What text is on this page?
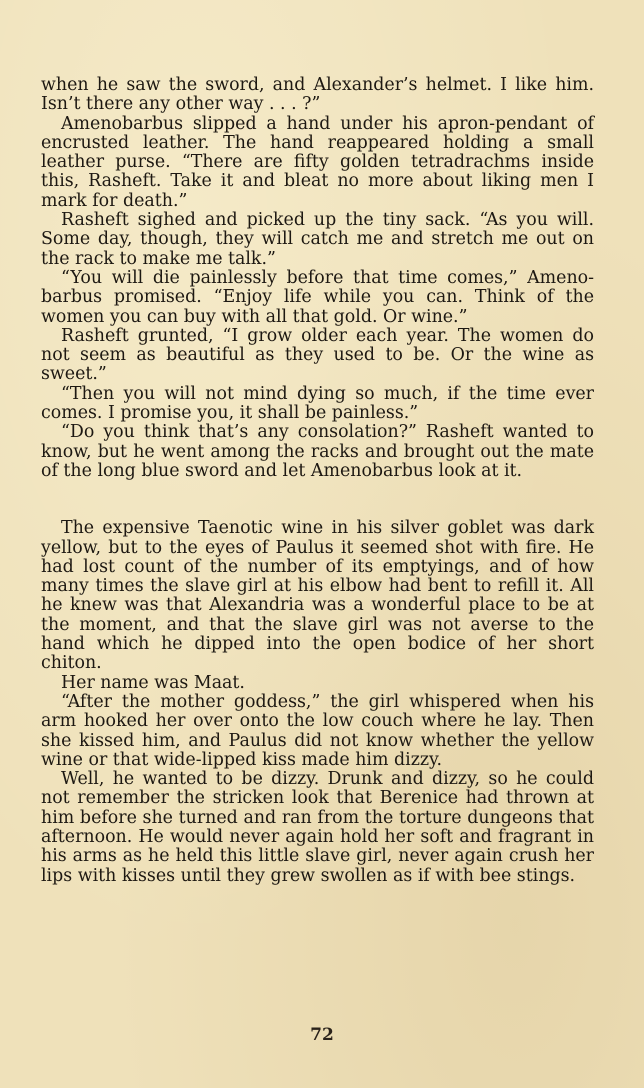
when he saw the sword, and Alexander’s helmet. I like him. Isn’t there any other way . . . ?”

Amenobarbus slipped a hand under his apron-pendant of encrusted leather. The hand reappeared holding a small leather purse. “There are fifty golden tetradrachms inside this, Rasheft. Take it and bleat no more about liking men I mark for death.”

Rasheft sighed and picked up the tiny sack. “As you will. Some day, though, they will catch me and stretch me out on the rack to make me talk.”

“You will die painlessly before that time comes,” Ameno-barbus promised. “Enjoy life while you can. Think of the women you can buy with all that gold. Or wine.”

Rasheft grunted, “I grow older each year. The women do not seem as beautiful as they used to be. Or the wine as sweet.”

“Then you will not mind dying so much, if the time ever comes. I promise you, it shall be painless.”

“Do you think that’s any consolation?” Rasheft wanted to know, but he went among the racks and brought out the mate of the long blue sword and let Amenobarbus look at it.

The expensive Taenotic wine in his silver goblet was dark yellow, but to the eyes of Paulus it seemed shot with fire. He had lost count of the number of its emptyings, and of how many times the slave girl at his elbow had bent to refill it. All he knew was that Alexandria was a wonderful place to be at the moment, and that the slave girl was not averse to the hand which he dipped into the open bodice of her short chiton.

Her name was Maat.

“After the mother goddess,” the girl whispered when his arm hooked her over onto the low couch where he lay. Then she kissed him, and Paulus did not know whether the yellow wine or that wide-lipped kiss made him dizzy.

Well, he wanted to be dizzy. Drunk and dizzy, so he could not remember the stricken look that Berenice had thrown at him before she turned and ran from the torture dungeons that afternoon. He would never again hold her soft and fragrant in his arms as he held this little slave girl, never again crush her lips with kisses until they grew swollen as if with bee stings.

72
